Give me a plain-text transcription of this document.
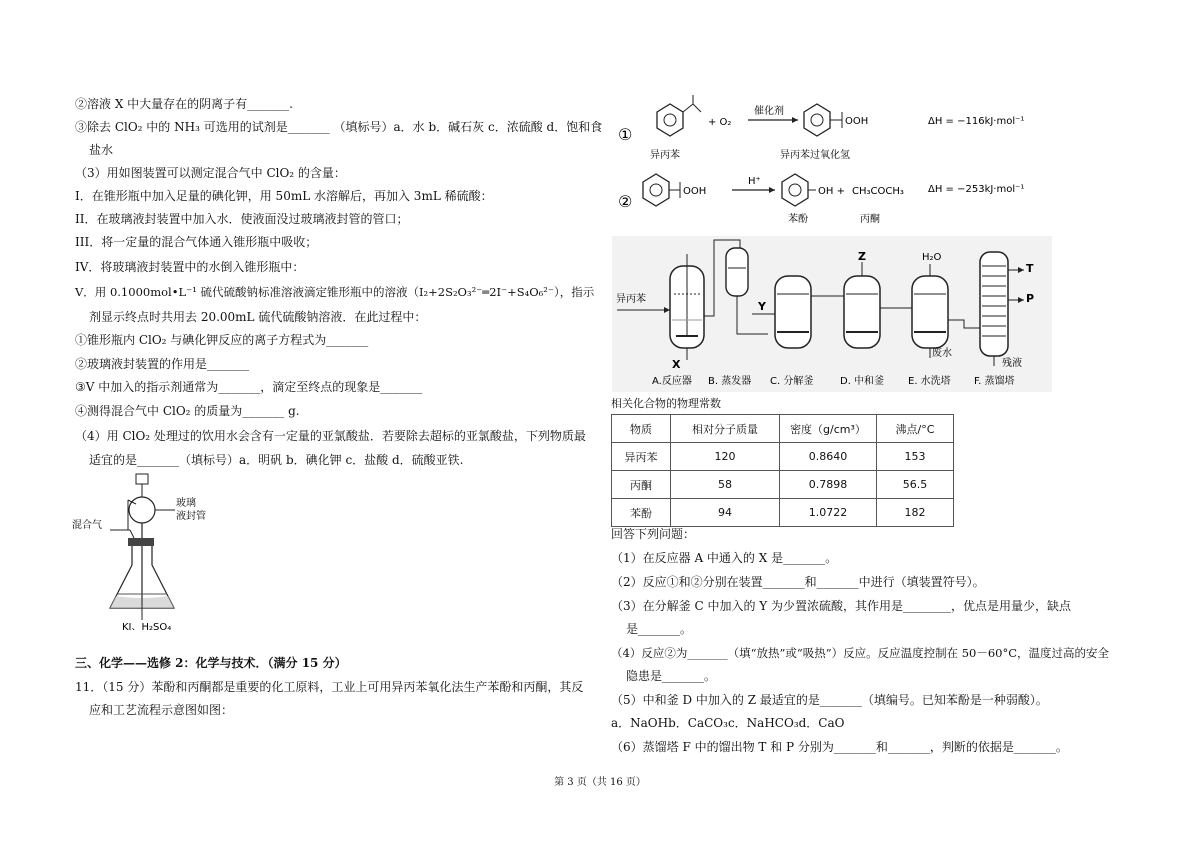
②溶液 X 中大量存在的阴离子有_______.
③除去 ClO₂ 中的 NH₃ 可选用的试剂是_______ （填标号）a．水 b．碱石灰 c．浓硫酸 d．饱和食
盐水
（3）用如图装置可以测定混合气中 ClO₂ 的含量：
I．在锥形瓶中加入足量的碘化钾，用 50mL 水溶解后，再加入 3mL 稀硫酸：
II．在玻璃液封装置中加入水．使液面没过玻璃液封管的管口；
III．将一定量的混合气体通入锥形瓶中吸收；
IV．将玻璃液封装置中的水倒入锥形瓶中：
V．用 0.1000mol•L⁻¹ 硫代硫酸钠标准溶液滴定锥形瓶中的溶液（I₂+2S₂O₃²⁻═2I⁻+S₄O₆²⁻），指示
剂显示终点时共用去 20.00mL 硫代硫酸钠溶液．在此过程中：
①锥形瓶内 ClO₂ 与碘化钾反应的离子方程式为_______
②玻璃液封装置的作用是_______
③V 中加入的指示剂通常为_______，滴定至终点的现象是_______
④测得混合气中 ClO₂ 的质量为_______ g.
（4）用 ClO₂ 处理过的饮用水会含有一定量的亚氯酸盐．若要除去超标的亚氯酸盐，下列物质最
适宜的是_______（填标号）a．明矾 b．碘化钾 c．盐酸 d．硫酸亚铁.
玻璃
液封管
混合气
KI、H₂SO₄
三、化学——选修 2：化学与技术．（满分 15 分）
11．（15 分）苯酚和丙酮都是重要的化工原料，工业上可用异丙苯氧化法生产苯酚和丙酮，其反
应和工艺流程示意图如图：
①
+ O₂
催化剂
OOH	ΔH = −116kJ·mol⁻¹
异丙苯	异丙苯过氧化氢
②
OOH
H⁺
OH + CH₃COCH₃ ΔH = −253kJ·mol⁻¹
苯酚	丙酮
异丙苯
X
Y
Z	H₂O
废水
T
P
残液
A.反应器 B. 蒸发器 C. 分解釜	D. 中和釜 E. 水洗塔 F. 蒸馏塔
相关化合物的物理常数
物质	相对分子质量	密度（g/cm³）	沸点/°C
异丙苯	120	0.8640	153
丙酮	58	0.7898	56.5
苯酚	94	1.0722	182
回答下列问题：
（1）在反应器 A 中通入的 X 是_______。
（2）反应①和②分别在装置_______和_______中进行（填装置符号）。
（3）在分解釜 C 中加入的 Y 为少置浓硫酸，其作用是________，优点是用量少，缺点
是_______。
（4）反应②为_______（填“放热”或“吸热”）反应。反应温度控制在 50－60°C，温度过高的安全
隐患是_______。
（5）中和釜 D 中加入的 Z 最适宜的是_______（填编号。已知苯酚是一种弱酸）。
a．NaOHb．CaCO₃c．NaHCO₃d．CaO
（6）蒸馏塔 F 中的馏出物 T 和 P 分别为_______和_______，判断的依据是_______。
第 3 页（共 16 页）
